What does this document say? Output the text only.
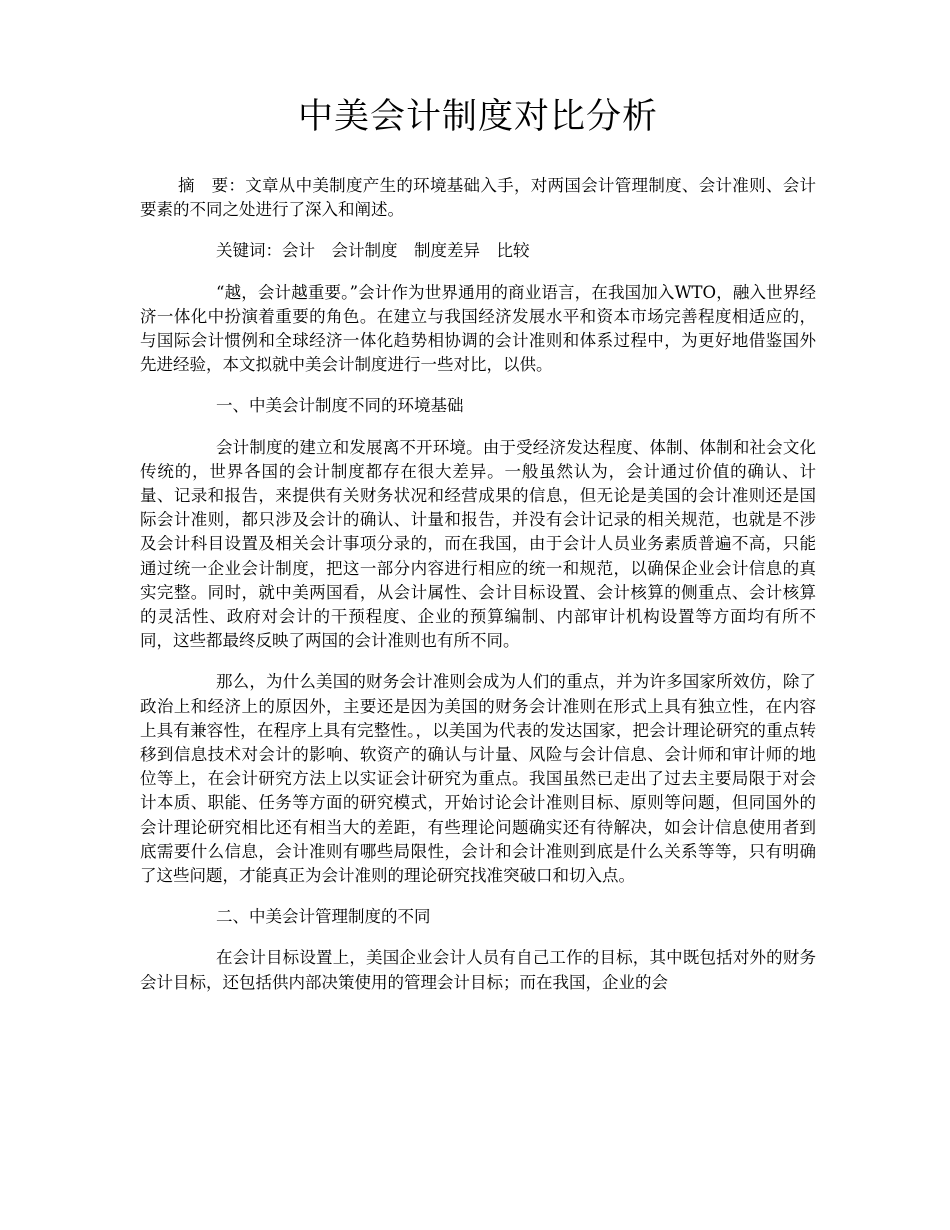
中美会计制度对比分析

摘　要：文章从中美制度产生的环境基础入手，对两国会计管理制度、会计准则、会计要素的不同之处进行了深入和阐述。

关键词：会计　会计制度　制度差异　比较

“越，会计越重要。”会计作为世界通用的商业语言，在我国加入WTO，融入世界经济一体化中扮演着重要的角色。在建立与我国经济发展水平和资本市场完善程度相适应的，与国际会计惯例和全球经济一体化趋势相协调的会计准则和体系过程中，为更好地借鉴国外先进经验，本文拟就中美会计制度进行一些对比，以供。

一、中美会计制度不同的环境基础

会计制度的建立和发展离不开环境。由于受经济发达程度、体制、体制和社会文化传统的，世界各国的会计制度都存在很大差异。一般虽然认为，会计通过价值的确认、计量、记录和报告，来提供有关财务状况和经营成果的信息，但无论是美国的会计准则还是国际会计准则，都只涉及会计的确认、计量和报告，并没有会计记录的相关规范，也就是不涉及会计科目设置及相关会计事项分录的，而在我国，由于会计人员业务素质普遍不高，只能通过统一企业会计制度，把这一部分内容进行相应的统一和规范，以确保企业会计信息的真实完整。同时，就中美两国看，从会计属性、会计目标设置、会计核算的侧重点、会计核算的灵活性、政府对会计的干预程度、企业的预算编制、内部审计机构设置等方面均有所不同，这些都最终反映了两国的会计准则也有所不同。

那么，为什么美国的财务会计准则会成为人们的重点，并为许多国家所效仿，除了政治上和经济上的原因外，主要还是因为美国的财务会计准则在形式上具有独立性，在内容上具有兼容性，在程序上具有完整性。，以美国为代表的发达国家，把会计理论研究的重点转移到信息技术对会计的影响、软资产的确认与计量、风险与会计信息、会计师和审计师的地位等上，在会计研究方法上以实证会计研究为重点。我国虽然已走出了过去主要局限于对会计本质、职能、任务等方面的研究模式，开始讨论会计准则目标、原则等问题，但同国外的会计理论研究相比还有相当大的差距，有些理论问题确实还有待解决，如会计信息使用者到底需要什么信息，会计准则有哪些局限性，会计和会计准则到底是什么关系等等，只有明确了这些问题，才能真正为会计准则的理论研究找准突破口和切入点。

二、中美会计管理制度的不同

在会计目标设置上，美国企业会计人员有自己工作的目标，其中既包括对外的财务会计目标，还包括供内部决策使用的管理会计目标；而在我国，企业的会
